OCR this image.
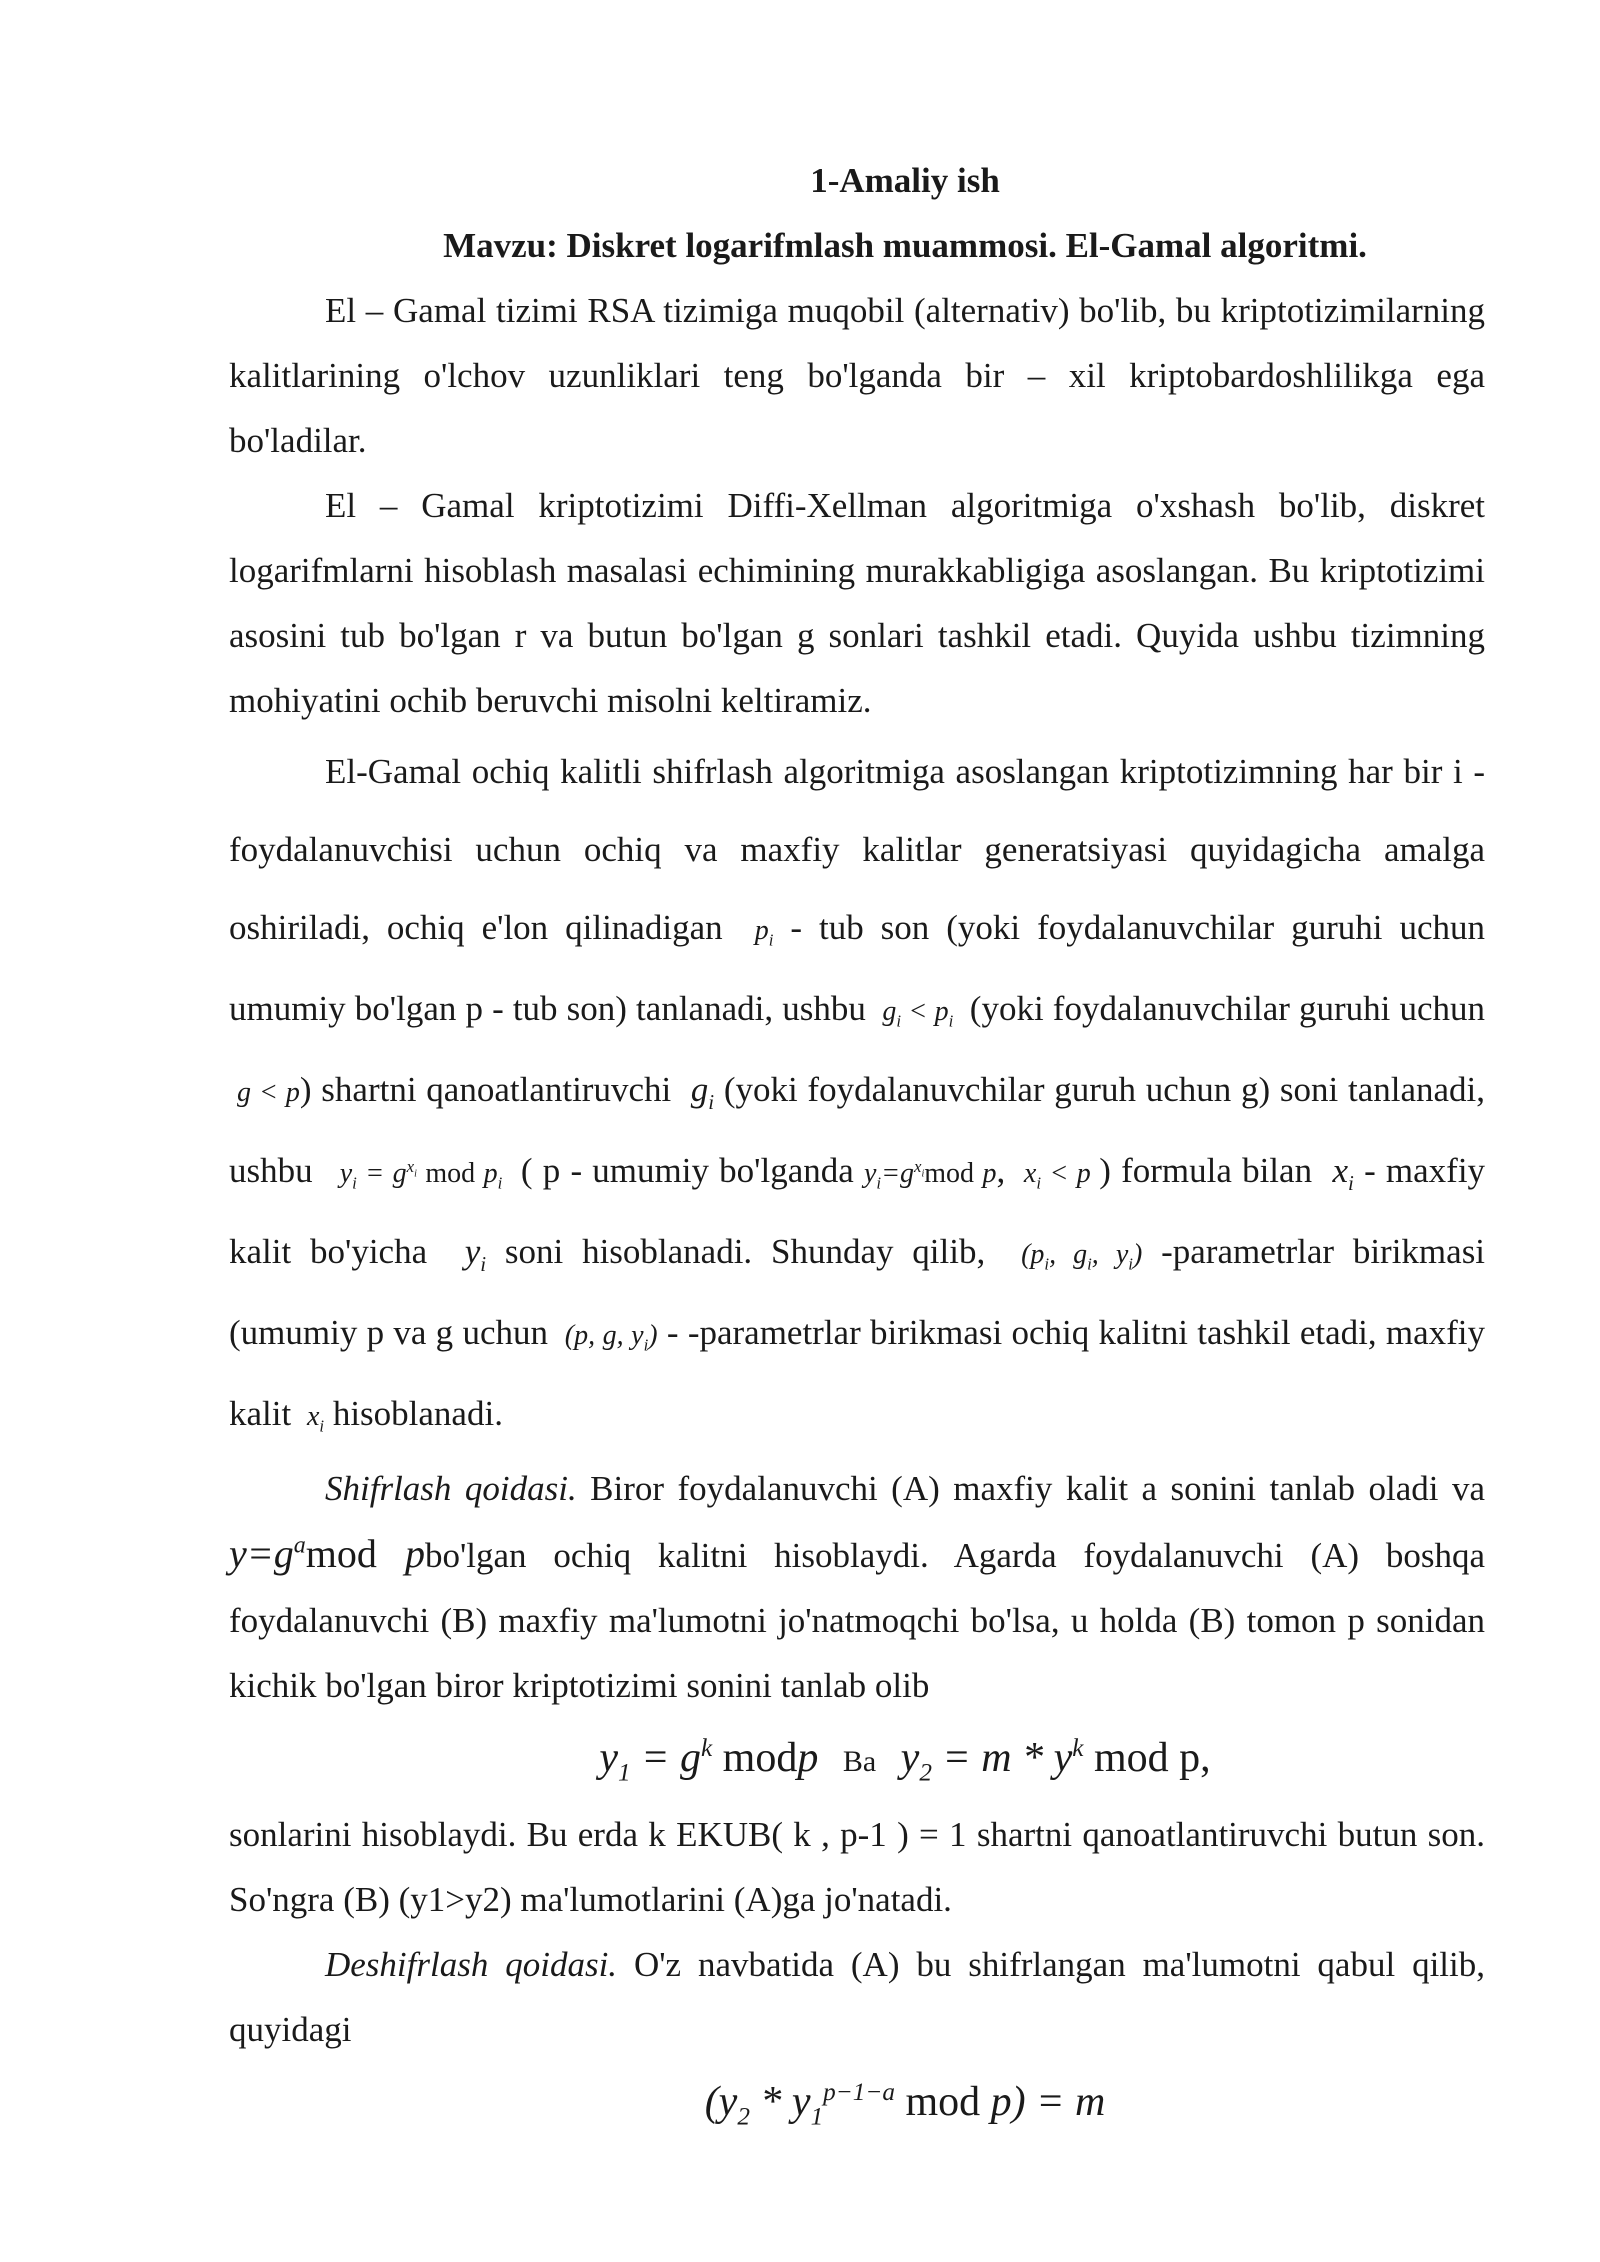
1-Amaliy ish

Mavzu: Diskret logarifmlash muammosi. El-Gamal algoritmi.

El – Gamal tizimi RSA tizimiga muqobil (alternativ) bo'lib, bu kriptotizimilarning kalitlarining o'lchov uzunliklari teng bo'lganda bir – xil kriptobardoshlilikga ega bo'ladilar.

El – Gamal kriptotizimi Diffi-Xellman algoritmiga o'xshash bo'lib, diskret logarifmlarni hisoblash masalasi echimining murakkabligiga asoslangan. Bu kriptotizimi asosini tub bo'lgan r va butun bo'lgan g sonlari tashkil etadi. Quyida ushbu tizimning mohiyatini ochib beruvchi misolni keltiramiz.

El-Gamal ochiq kalitli shifrlash algoritmiga asoslangan kriptotizimning har bir i - foydalanuvchisi uchun ochiq va maxfiy kalitlar generatsiyasi quyidagicha amalga oshiriladi, ochiq e'lon qilinadigan  $p_i$ - tub son (yoki foydalanuvchilar guruhi uchun umumiy bo'lgan p - tub son) tanlanadi, ushbu  $g_i < p_i$ (yoki foydalanuvchilar guruhi uchun  g < p) shartni qanoatlantiruvchi  $g_i$ (yoki foydalanuvchilar guruh uchun g) soni tanlanadi, ushbu   $y_i = g^{x_i}$ mod $p_i$ ( p - umumiy bo'lganda $y_i=g^{x_i}mod$ p,  $x_i < p$ ) formula bilan  $x_i$ - maxfiy kalit bo'yicha  $y_i$ soni hisoblanadi. Shunday qilib,  ($p_i$, $g_i$, $y_i$) -parametrlar birikmasi (umumiy p va g uchun  (p, g, $y_i$) - -parametrlar birikmasi ochiq kalitni tashkil etadi, maxfiy kalit  $x_i$ hisoblanadi.

Shifrlash qoidasi. Biror foydalanuvchi (A) maxfiy kalit a sonini tanlab oladi va $y=g^amod$ pbo'lgan ochiq kalitni hisoblaydi. Agarda foydalanuvchi (A) boshqa foydalanuvchi (B) maxfiy ma'lumotni jo'natmoqchi bo'lsa, u holda (B) tomon p sonidan kichik bo'lgan biror kriptotizimi sonini tanlab olib

$y_1 = g^k$ modp Ва $y_2 = m * y^k$ mod p,

sonlarini hisoblaydi. Bu erda k EKUB( k , p-1 ) = 1 shartni qanoatlantiruvchi butun son. So'ngra (B) (y1>y2) ma'lumotlarini (A)ga jo'natadi.

Deshifrlash qoidasi. O'z navbatida (A) bu shifrlangan ma'lumotni qabul qilib, quyidagi

($y_2 * y_1^{p-1-a}$ mod p) = m
